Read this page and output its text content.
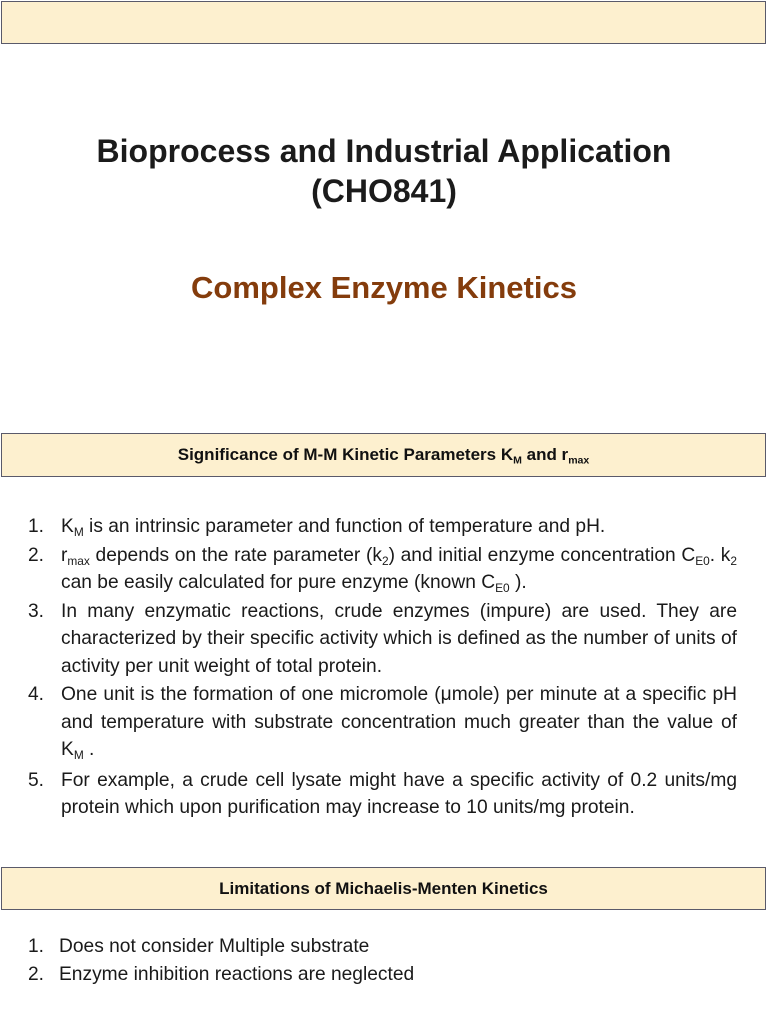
Bioprocess and Industrial Application
(CHO841)
Complex Enzyme Kinetics
Significance of M-M Kinetic Parameters $K_M$ and $r_{max}$
1. $K_M$ is an intrinsic parameter and function of temperature and pH.
2. $r_{max}$ depends on the rate parameter $(k_2)$ and initial enzyme concentration $C_{E0}$. $k_2$ can be easily calculated for pure enzyme (known $C_{E0}$ ).
3. In many enzymatic reactions, crude enzymes (impure) are used. They are characterized by their specific activity which is defined as the number of units of activity per unit weight of total protein.
4. One unit is the formation of one micromole (μmole) per minute at a specific pH and temperature with substrate concentration much greater than the value of $K_M$ .
5. For example, a crude cell lysate might have a specific activity of 0.2 units/mg protein which upon purification may increase to 10 units/mg protein.
Limitations of Michaelis-Menten Kinetics
1. Does not consider Multiple substrate
2. Enzyme inhibition reactions are neglected
